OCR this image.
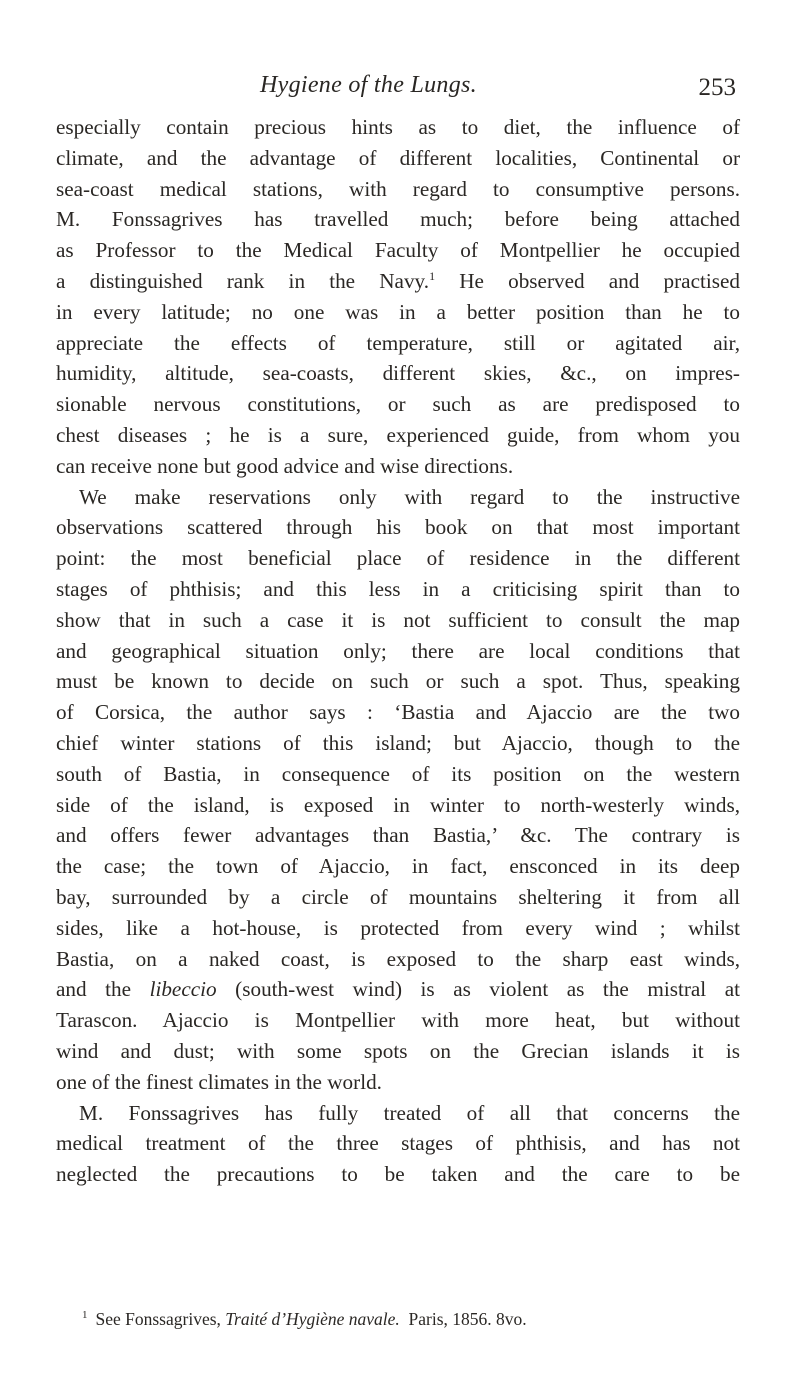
Hygiene of the Lungs.	253

especially contain precious hints as to diet, the influence of
climate, and the advantage of different localities, Continental or
sea-coast medical stations, with regard to consumptive persons.
M. Fonssagrives has travelled much; before being attached
as Professor to the Medical Faculty of Montpellier he occupied
a distinguished rank in the Navy.$^1$ He observed and practised
in every latitude; no one was in a better position than he to
appreciate the effects of temperature, still or agitated air,
humidity, altitude, sea-coasts, different skies, &c., on impres-
sionable nervous constitutions, or such as are predisposed to
chest diseases ; he is a sure, experienced guide, from whom you
can receive none but good advice and wise directions.

We make reservations only with regard to the instructive
observations scattered through his book on that most important
point: the most beneficial place of residence in the different
stages of phthisis; and this less in a criticising spirit than to
show that in such a case it is not sufficient to consult the map
and geographical situation only; there are local conditions that
must be known to decide on such or such a spot. Thus, speaking
of Corsica, the author says : ‘Bastia and Ajaccio are the two
chief winter stations of this island; but Ajaccio, though to the
south of Bastia, in consequence of its position on the western
side of the island, is exposed in winter to north-westerly winds,
and offers fewer advantages than Bastia,’ &c. The contrary is
the case; the town of Ajaccio, in fact, ensconced in its deep
bay, surrounded by a circle of mountains sheltering it from all
sides, like a hot-house, is protected from every wind ; whilst
Bastia, on a naked coast, is exposed to the sharp east winds,
and the libeccio (south-west wind) is as violent as the mistral at
Tarascon. Ajaccio is Montpellier with more heat, but without
wind and dust; with some spots on the Grecian islands it is
one of the finest climates in the world.

M. Fonssagrives has fully treated of all that concerns the
medical treatment of the three stages of phthisis, and has not
neglected the precautions to be taken and the care to be

$^1$ See Fonssagrives, Traité d’Hygiène navale. Paris, 1856. 8vo.
